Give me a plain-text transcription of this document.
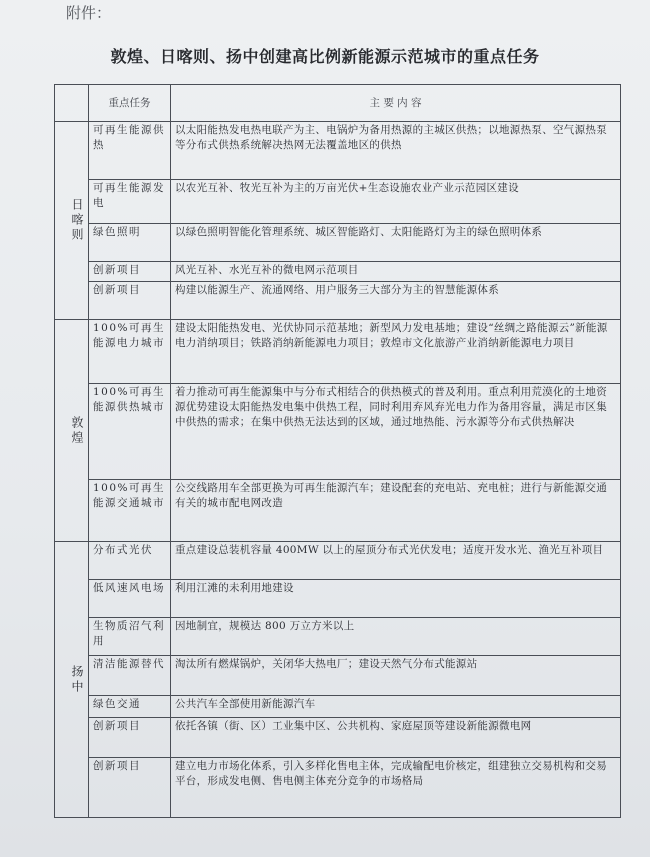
附件：
敦煌、日喀则、扬中创建高比例新能源示范城市的重点任务
	重点任务	主 要 内 容
日喀则	可再生能源供热	以太阳能热发电热电联产为主、电锅炉为备用热源的主城区供热；以地源热泵、空气源热泵等分布式供热系统解决热网无法覆盖地区的供热
	可再生能源发电	以农光互补、牧光互补为主的万亩光伏+生态设施农业产业示范园区建设
	绿色照明	以绿色照明智能化管理系统、城区智能路灯、太阳能路灯为主的绿色照明体系
	创新项目	风光互补、水光互补的微电网示范项目
	创新项目	构建以能源生产、流通网络、用户服务三大部分为主的智慧能源体系
敦煌	100%可再生能源电力城市	建设太阳能热发电、光伏协同示范基地；新型风力发电基地；建设“丝绸之路能源云”新能源电力消纳项目；铁路消纳新能源电力项目；敦煌市文化旅游产业消纳新能源电力项目
	100%可再生能源供热城市	着力推动可再生能源集中与分布式相结合的供热模式的普及利用。重点利用荒漠化的土地资源优势建设太阳能热发电集中供热工程，同时利用弃风弃光电力作为备用容量，满足市区集中供热的需求；在集中供热无法达到的区域，通过地热能、污水源等分布式供热解决
	100%可再生能源交通城市	公交线路用车全部更换为可再生能源汽车；建设配套的充电站、充电桩；进行与新能源交通有关的城市配电网改造
扬中	分布式光伏	重点建设总装机容量 400MW 以上的屋顶分布式光伏发电；适度开发水光、渔光互补项目
	低风速风电场	利用江滩的未利用地建设
	生物质沼气利用	因地制宜，规模达 800 万立方米以上
	清洁能源替代	淘汰所有燃煤锅炉，关闭华大热电厂；建设天然气分布式能源站
	绿色交通	公共汽车全部使用新能源汽车
	创新项目	依托各镇（街、区）工业集中区、公共机构、家庭屋顶等建设新能源微电网
	创新项目	建立电力市场化体系，引入多样化售电主体，完成输配电价核定，组建独立交易机构和交易平台，形成发电侧、售电侧主体充分竞争的市场格局
